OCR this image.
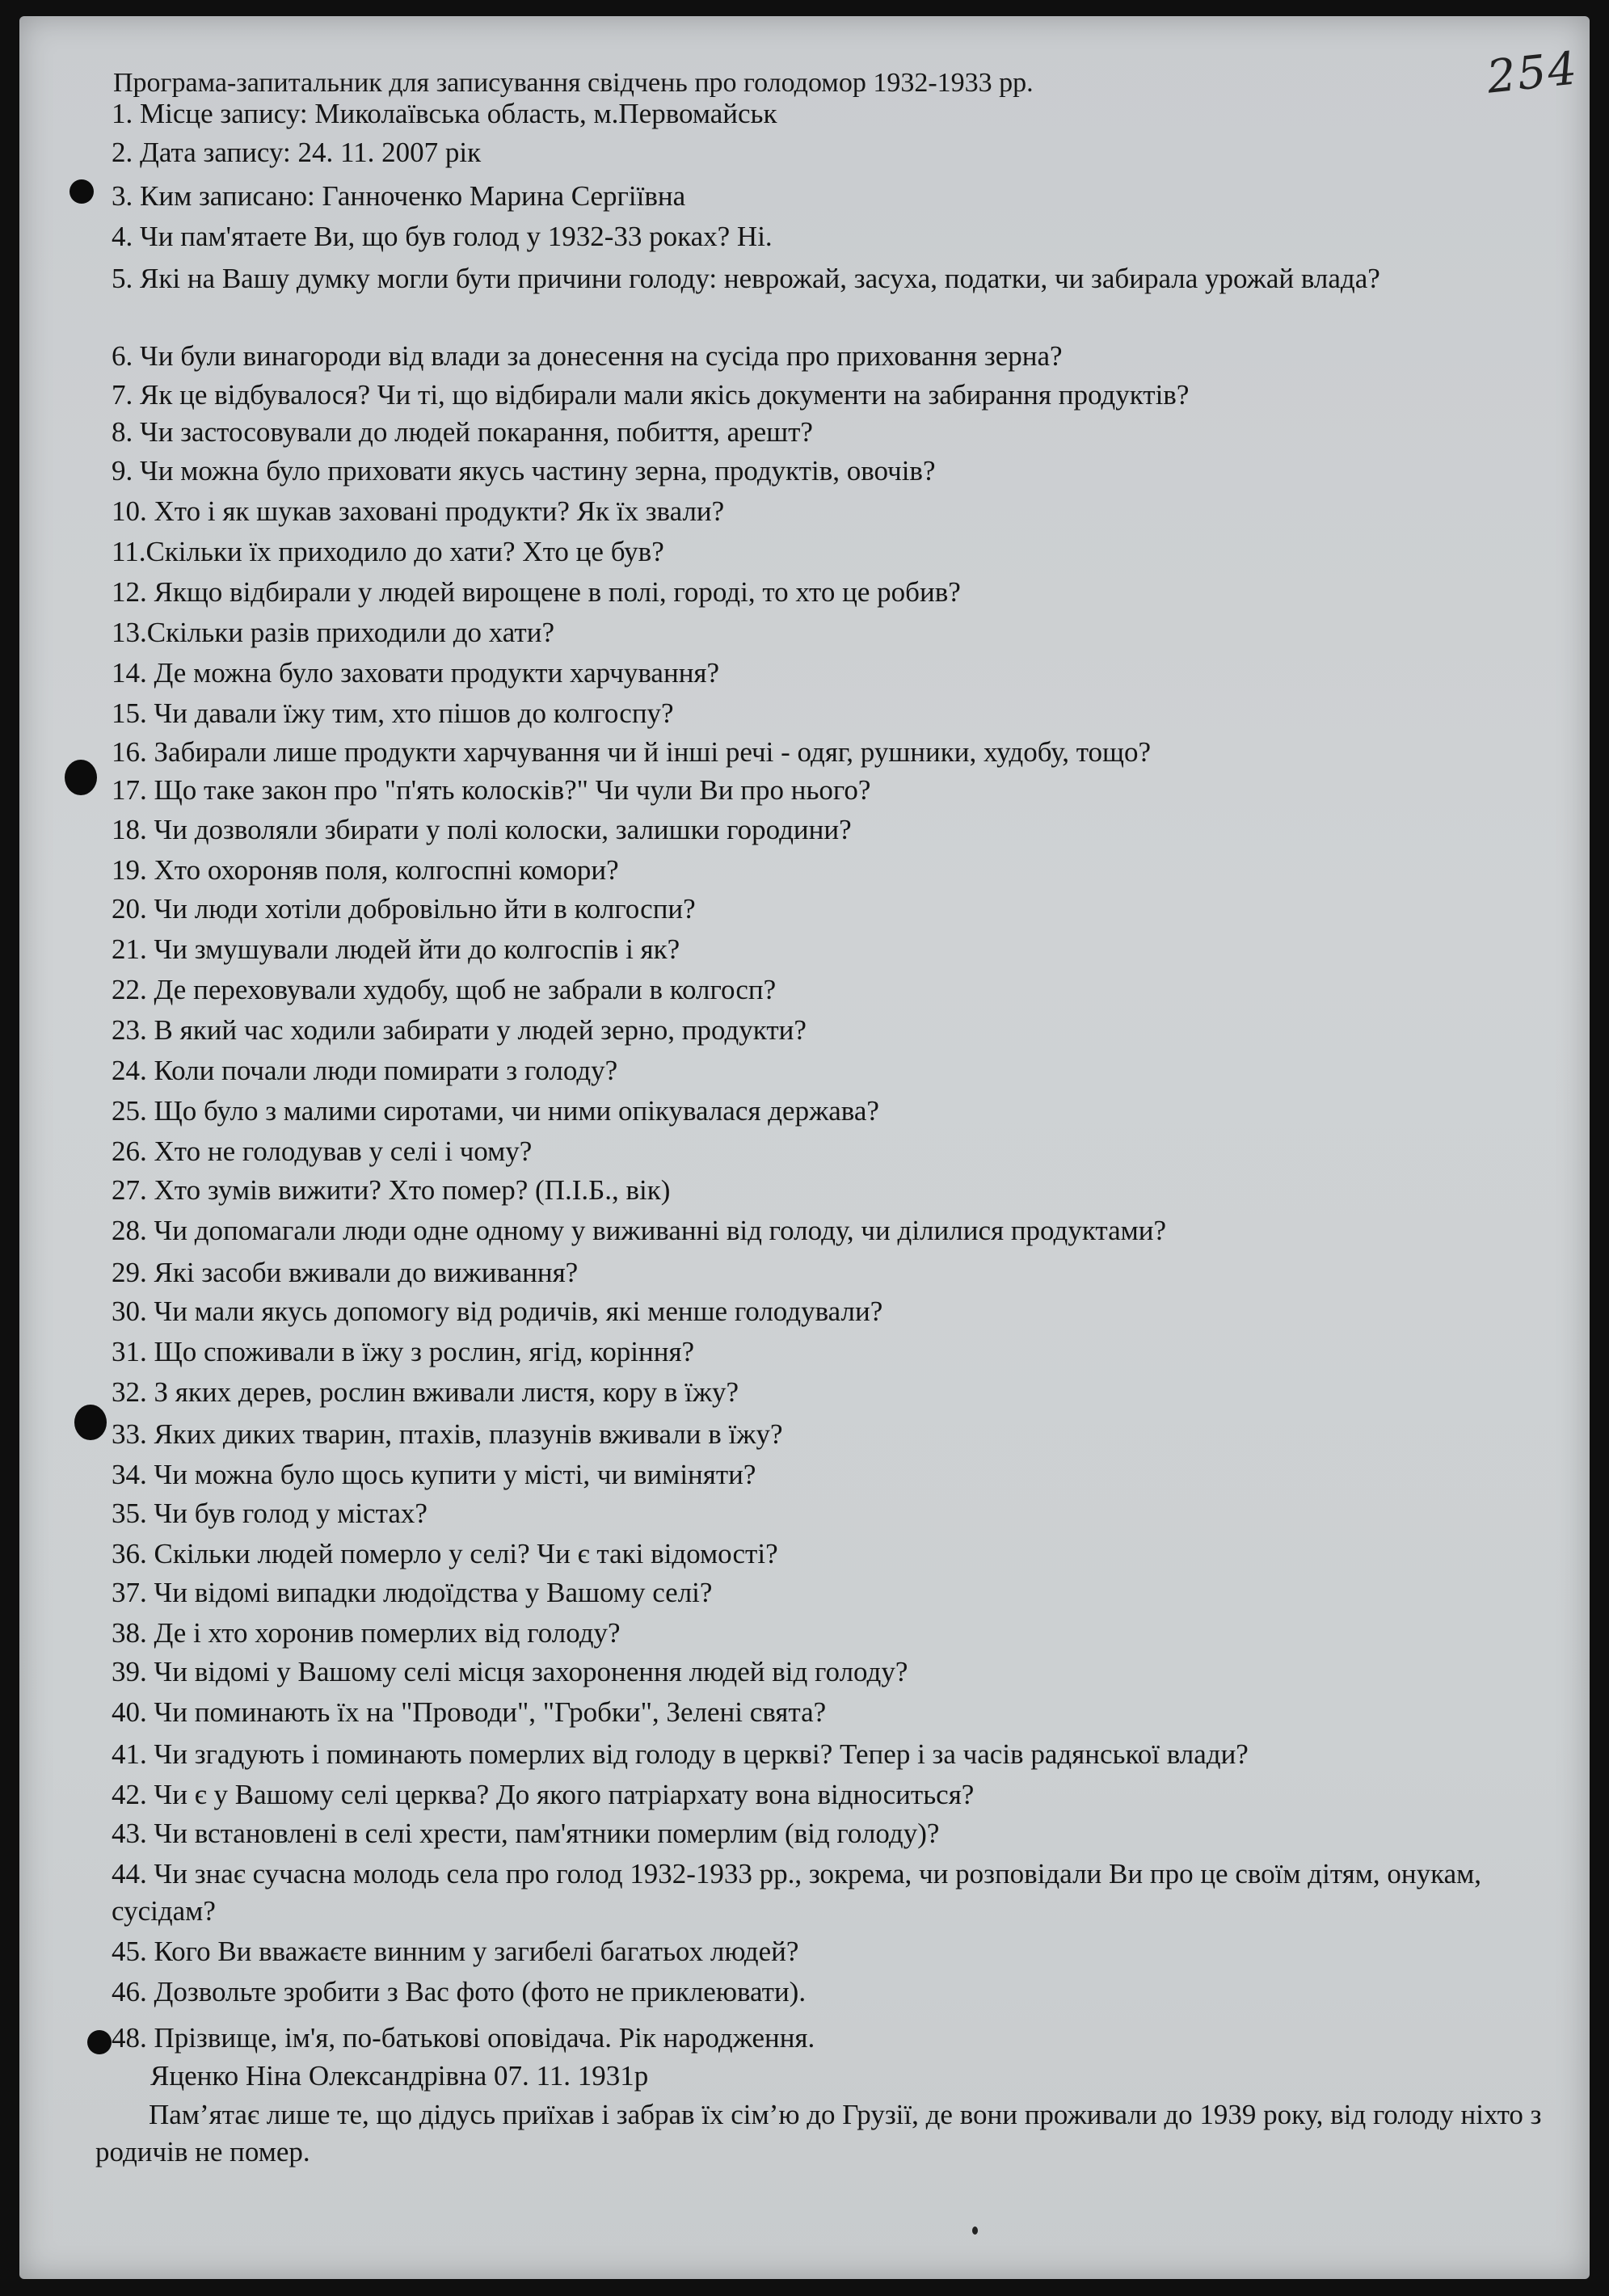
254
Програма-запитальник для записування свідчень про голодомор 1932-1933 рр.
1. Місце запису: Миколаївська область, м.Первомайськ
2. Дата запису: 24. 11. 2007 рік
3. Ким записано: Ганноченко Марина Сергіївна
4. Чи пам'ятаете Ви, що був голод у 1932-33 роках? Ні.
5. Які на Вашу думку могли бути причини голоду: неврожай, засуха, податки, чи забирала урожай влада?
6. Чи були винагороди від влади за донесення на сусіда про приховання зерна?
7. Як це відбувалося? Чи ті, що відбирали мали якісь документи на забирання продуктів?
8. Чи застосовували до людей покарання, побиття, арешт?
9. Чи можна було приховати якусь частину зерна, продуктів, овочів?
10. Хто і як шукав заховані продукти? Як їх звали?
11.Скільки їх приходило до хати? Хто це був?
12. Якщо відбирали у людей вирощене в полі, городі, то хто це робив?
13.Скільки разів приходили до хати?
14. Де можна було заховати продукти харчування?
15. Чи давали їжу тим, хто пішов до колгоспу?
16. Забирали лише продукти харчування чи й інші речі - одяг, рушники, худобу, тощо?
17. Що таке закон про "п'ять колосків?" Чи чули Ви про нього?
18. Чи дозволяли збирати у полі колоски, залишки городини?
19. Хто охороняв поля, колгоспні комори?
20. Чи люди хотіли добровільно йти в колгоспи?
21. Чи змушували людей йти до колгоспів і як?
22. Де переховували худобу, щоб не забрали в колгосп?
23. В який час ходили забирати у людей зерно, продукти?
24. Коли почали люди помирати з голоду?
25. Що було з малими сиротами, чи ними опікувалася держава?
26. Хто не голодував у селі і чому?
27. Хто зумів вижити? Хто помер? (П.І.Б., вік)
28. Чи допомагали люди одне одному у виживанні від голоду, чи ділилися продуктами?
29. Які засоби вживали до виживання?
30. Чи мали якусь допомогу від родичів, які менше голодували?
31. Що споживали в їжу з рослин, ягід, коріння?
32. З яких дерев, рослин вживали листя, кору в їжу?
33. Яких диких тварин, птахів, плазунів вживали в їжу?
34. Чи можна було щось купити у місті, чи виміняти?
35. Чи був голод у містах?
36. Скільки людей померло у селі? Чи є такі відомості?
37. Чи відомі випадки людоїдства у Вашому селі?
38. Де і хто хоронив померлих від голоду?
39. Чи відомі у Вашому селі місця захоронення людей від голоду?
40. Чи поминають їх на "Проводи", "Гробки", Зелені свята?
41. Чи згадують і поминають померлих від голоду в церкві? Тепер і за часів радянської влади?
42. Чи є у Вашому селі церква? До якого патріархату вона відноситься?
43. Чи встановлені в селі хрести, пам'ятники померлим (від голоду)?
44. Чи знає сучасна молодь села про голод 1932-1933 рр., зокрема, чи розповідали Ви про це своїм дітям, онукам, сусідам?
45. Кого Ви вважаєте винним у загибелі багатьох людей?
46. Дозвольте зробити з Вас фото (фото не приклеювати).
48. Прізвище, ім'я, по-батькові оповідача. Рік народження.
Яценко Ніна Олександрівна 07. 11. 1931р
Пам’ятає лише те, що дідусь приїхав і забрав їх сім’ю до Грузії, де вони проживали до 1939 року, від голоду ніхто з родичів не помер.
